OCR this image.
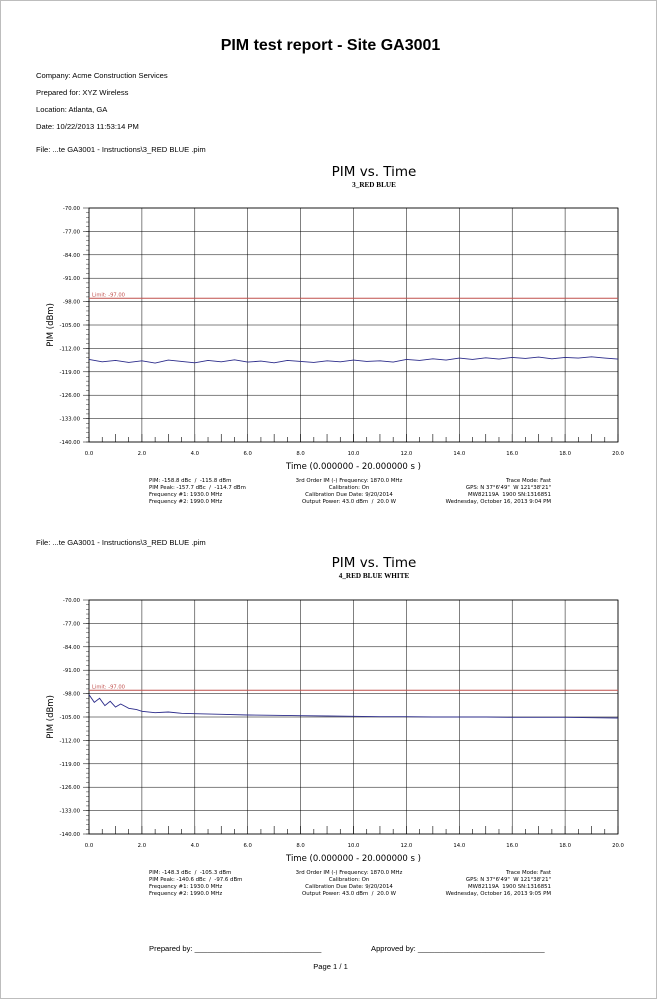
PIM test report - Site GA3001
Company: Acme Construction Services
Prepared for: XYZ Wireless
Location: Atlanta, GA
Date: 10/22/2013 11:53:14 PM
File: ...te GA3001 - Instructions\3_RED BLUE .pim
PIM vs. Time
3_RED BLUE
-70.00
-77.00
-84.00
-91.00
-98.00
-105.00
-112.00
-119.00
-126.00
-133.00
-140.00
0.0	2.0	4.0	6.0	8.0	10.0	12.0	14.0	16.0	18.0	20.0
Time (0.000000 - 20.000000 s )
PIM (dBm)
Limit: -97.00
PIM: -158.8 dBc  /  -115.8 dBm
PIM Peak: -157.7 dBc  /  -114.7 dBm
Frequency #1: 1930.0 MHz
Frequency #2: 1990.0 MHz
3rd Order IM (-) Frequency: 1870.0 MHz
Calibration: On
Calibration Due Date: 9/20/2014
Output Power: 43.0 dBm  /  20.0 W
Trace Mode: Fast
GPS: N 37°6'49"  W 121°38'21"
MW82119A  1900 SN:1316851
Wednesday, October 16, 2013 9:04 PM
File: ...te GA3001 - Instructions\3_RED BLUE .pim
PIM vs. Time
4_RED BLUE WHITE
-70.00
-77.00
-84.00
-91.00
-98.00
-105.00
-112.00
-119.00
-126.00
-133.00
-140.00
0.0	2.0	4.0	6.0	8.0	10.0	12.0	14.0	16.0	18.0	20.0
Time (0.000000 - 20.000000 s )
PIM (dBm)
Limit: -97.00
PIM: -148.3 dBc  /  -105.3 dBm
PIM Peak: -140.6 dBc  /  -97.6 dBm
Frequency #1: 1930.0 MHz
Frequency #2: 1990.0 MHz
3rd Order IM (-) Frequency: 1870.0 MHz
Calibration: On
Calibration Due Date: 9/20/2014
Output Power: 43.0 dBm  /  20.0 W
Trace Mode: Fast
GPS: N 37°6'49"  W 121°38'21"
MW82119A  1900 SN:1316851
Wednesday, October 16, 2013 9:05 PM
Prepared by: ______________________________	Approved by: ______________________________
Page 1 / 1
